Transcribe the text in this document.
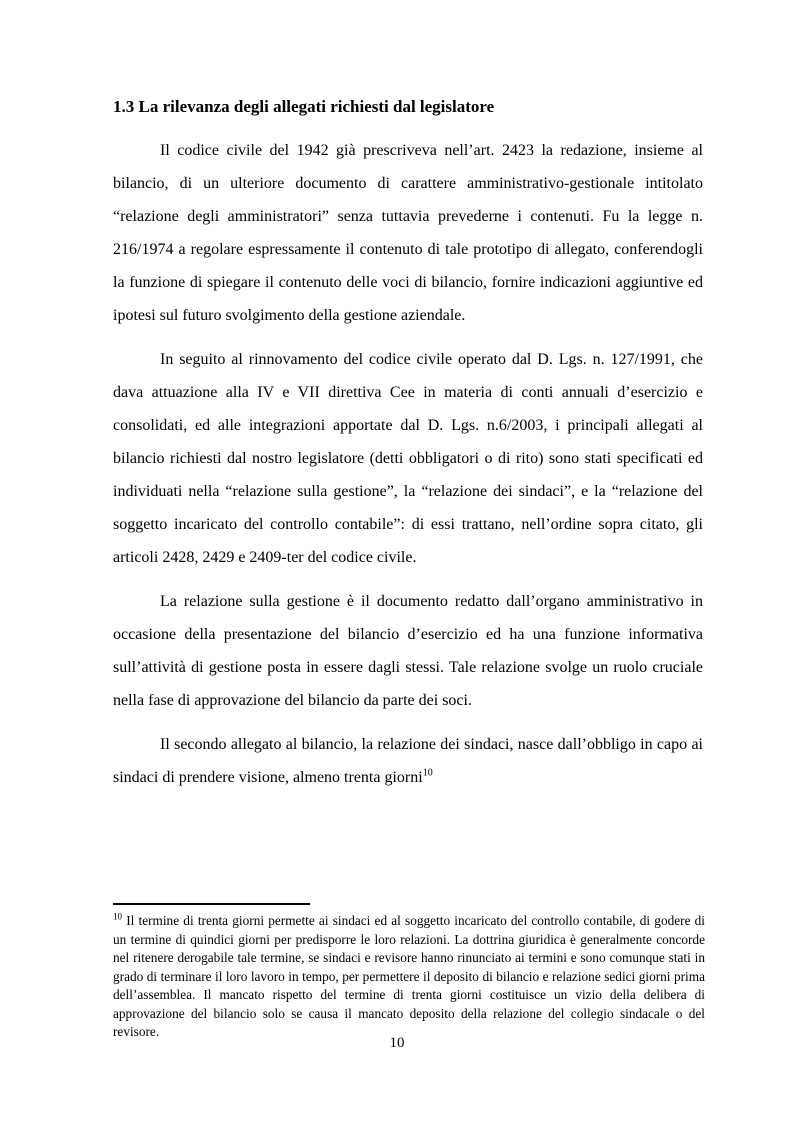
1.3 La rilevanza degli allegati richiesti dal legislatore

Il codice civile del 1942 già prescriveva nell’art. 2423 la redazione, insieme al bilancio, di un ulteriore documento di carattere amministrativo-gestionale intitolato “relazione degli amministratori” senza tuttavia prevederne i contenuti. Fu la legge n. 216/1974 a regolare espressamente il contenuto di tale prototipo di allegato, conferendogli la funzione di spiegare il contenuto delle voci di bilancio, fornire indicazioni aggiuntive ed ipotesi sul futuro svolgimento della gestione aziendale.

In seguito al rinnovamento del codice civile operato dal D. Lgs. n. 127/1991, che dava attuazione alla IV e VII direttiva Cee in materia di conti annuali d’esercizio e consolidati, ed alle integrazioni apportate dal D. Lgs. n.6/2003, i principali allegati al bilancio richiesti dal nostro legislatore (detti obbligatori o di rito) sono stati specificati ed individuati nella “relazione sulla gestione”, la “relazione dei sindaci”, e la “relazione del soggetto incaricato del controllo contabile”: di essi trattano, nell’ordine sopra citato, gli articoli 2428, 2429 e 2409-ter del codice civile.

La relazione sulla gestione è il documento redatto dall’organo amministrativo in occasione della presentazione del bilancio d’esercizio ed ha una funzione informativa sull’attività di gestione posta in essere dagli stessi. Tale relazione svolge un ruolo cruciale nella fase di approvazione del bilancio da parte dei soci.

Il secondo allegato al bilancio, la relazione dei sindaci, nasce dall’obbligo in capo ai sindaci di prendere visione, almeno trenta giorni$^{10}$

$^{10}$ Il termine di trenta giorni permette ai sindaci ed al soggetto incaricato del controllo contabile, di godere di un termine di quindici giorni per predisporre le loro relazioni. La dottrina giuridica è generalmente concorde nel ritenere derogabile tale termine, se sindaci e revisore hanno rinunciato ai termini e sono comunque stati in grado di terminare il loro lavoro in tempo, per permettere il deposito di bilancio e relazione sedici giorni prima dell’assemblea. Il mancato rispetto del termine di trenta giorni costituisce un vizio della delibera di approvazione del bilancio solo se causa il mancato deposito della relazione del collegio sindacale o del revisore.

10
